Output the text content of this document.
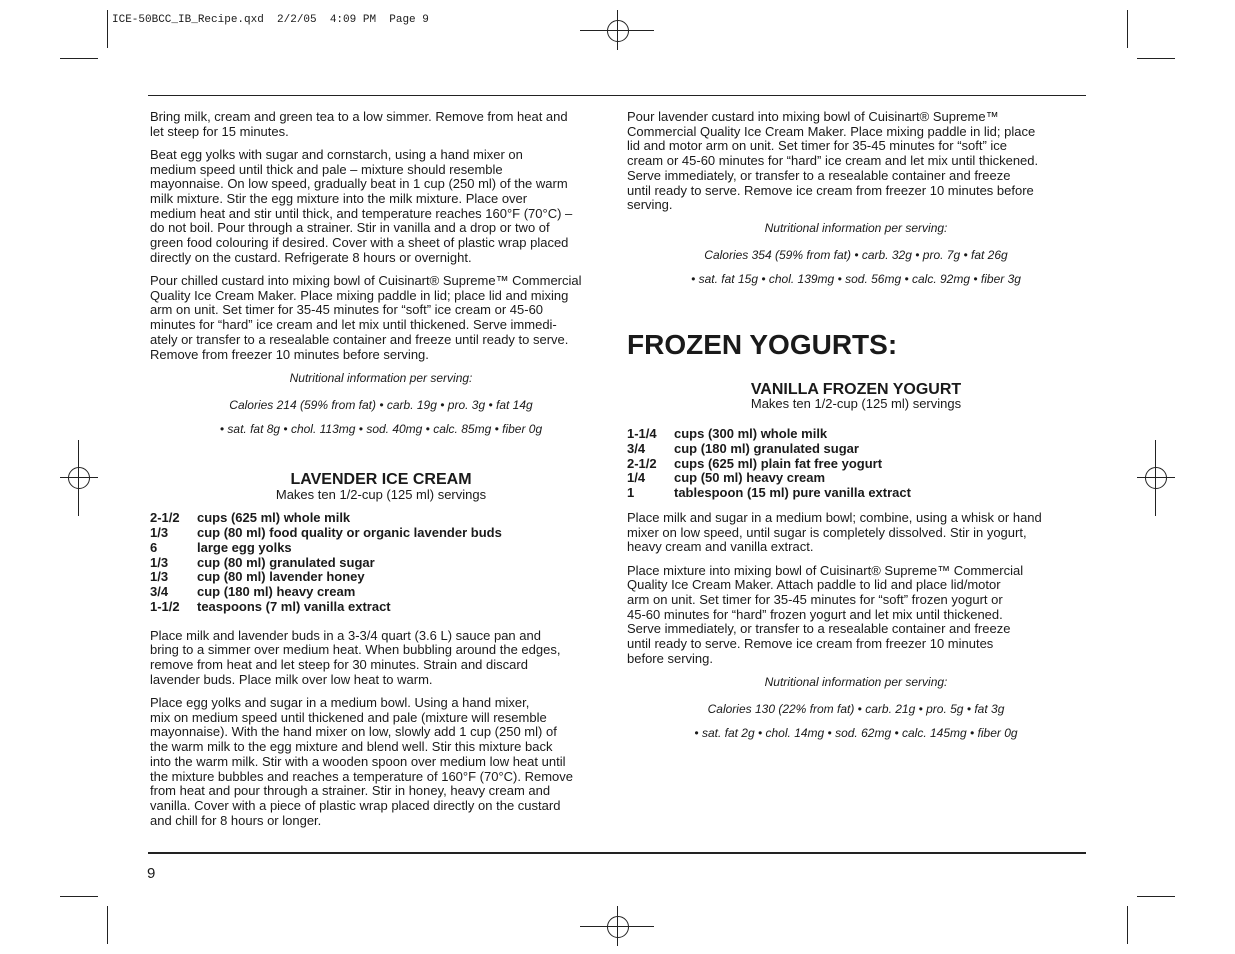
ICE-50BCC_IB_Recipe.qxd  2/2/05  4:09 PM  Page 9

Bring milk, cream and green tea to a low simmer. Remove from heat and
let steep for 15 minutes.

Beat egg yolks with sugar and cornstarch, using a hand mixer on
medium speed until thick and pale – mixture should resemble
mayonnaise. On low speed, gradually beat in 1 cup (250 ml) of the warm
milk mixture. Stir the egg mixture into the milk mixture. Place over
medium heat and stir until thick, and temperature reaches 160°F (70°C) –
do not boil. Pour through a strainer. Stir in vanilla and a drop or two of
green food colouring if desired. Cover with a sheet of plastic wrap placed
directly on the custard. Refrigerate 8 hours or overnight.

Pour chilled custard into mixing bowl of Cuisinart® Supreme™ Commercial
Quality Ice Cream Maker. Place mixing paddle in lid; place lid and mixing
arm on unit. Set timer for 35-45 minutes for “soft” ice cream or 45-60
minutes for “hard” ice cream and let mix until thickened. Serve immedi-
ately or transfer to a resealable container and freeze until ready to serve.
Remove from freezer 10 minutes before serving.

Nutritional information per serving:

Calories 214 (59% from fat) • carb. 19g • pro. 3g • fat 14g

• sat. fat 8g • chol. 113mg • sod. 40mg • calc. 85mg • fiber 0g

LAVENDER ICE CREAM

Makes ten 1/2-cup (125 ml) servings

2-1/2	cups (625 ml) whole milk
1/3	cup (80 ml) food quality or organic lavender buds
6	large egg yolks
1/3	cup (80 ml) granulated sugar
1/3	cup (80 ml) lavender honey
3/4	cup (180 ml) heavy cream
1-1/2	teaspoons (7 ml) vanilla extract

Place milk and lavender buds in a 3-3/4 quart (3.6 L) sauce pan and
bring to a simmer over medium heat. When bubbling around the edges,
remove from heat and let steep for 30 minutes. Strain and discard
lavender buds. Place milk over low heat to warm.

Place egg yolks and sugar in a medium bowl. Using a hand mixer,
mix on medium speed until thickened and pale (mixture will resemble
mayonnaise). With the hand mixer on low, slowly add 1 cup (250 ml) of
the warm milk to the egg mixture and blend well. Stir this mixture back
into the warm milk. Stir with a wooden spoon over medium low heat until
the mixture bubbles and reaches a temperature of 160°F (70°C). Remove
from heat and pour through a strainer. Stir in honey, heavy cream and
vanilla. Cover with a piece of plastic wrap placed directly on the custard
and chill for 8 hours or longer.

Pour lavender custard into mixing bowl of Cuisinart® Supreme™
Commercial Quality Ice Cream Maker. Place mixing paddle in lid; place
lid and motor arm on unit. Set timer for 35-45 minutes for “soft” ice
cream or 45-60 minutes for “hard” ice cream and let mix until thickened.
Serve immediately, or transfer to a resealable container and freeze
until ready to serve. Remove ice cream from freezer 10 minutes before
serving.

Nutritional information per serving:

Calories 354 (59% from fat) • carb. 32g • pro. 7g • fat 26g

• sat. fat 15g • chol. 139mg • sod. 56mg • calc. 92mg • fiber 3g

FROZEN YOGURTS:
VANILLA FROZEN YOGURT

Makes ten 1/2-cup (125 ml) servings

1-1/4	cups (300 ml) whole milk
3/4	cup (180 ml) granulated sugar
2-1/2	cups (625 ml) plain fat free yogurt
1/4	cup (50 ml) heavy cream
1	tablespoon (15 ml) pure vanilla extract

Place milk and sugar in a medium bowl; combine, using a whisk or hand
mixer on low speed, until sugar is completely dissolved. Stir in yogurt,
heavy cream and vanilla extract.

Place mixture into mixing bowl of Cuisinart® Supreme™ Commercial
Quality Ice Cream Maker. Attach paddle to lid and place lid/motor
arm on unit. Set timer for 35-45 minutes for “soft” frozen yogurt or
45-60 minutes for “hard” frozen yogurt and let mix until thickened.
Serve immediately, or transfer to a resealable container and freeze
until ready to serve. Remove ice cream from freezer 10 minutes
before serving.

Nutritional information per serving:

Calories 130 (22% from fat) • carb. 21g • pro. 5g • fat 3g

• sat. fat 2g • chol. 14mg • sod. 62mg • calc. 145mg • fiber 0g

9
